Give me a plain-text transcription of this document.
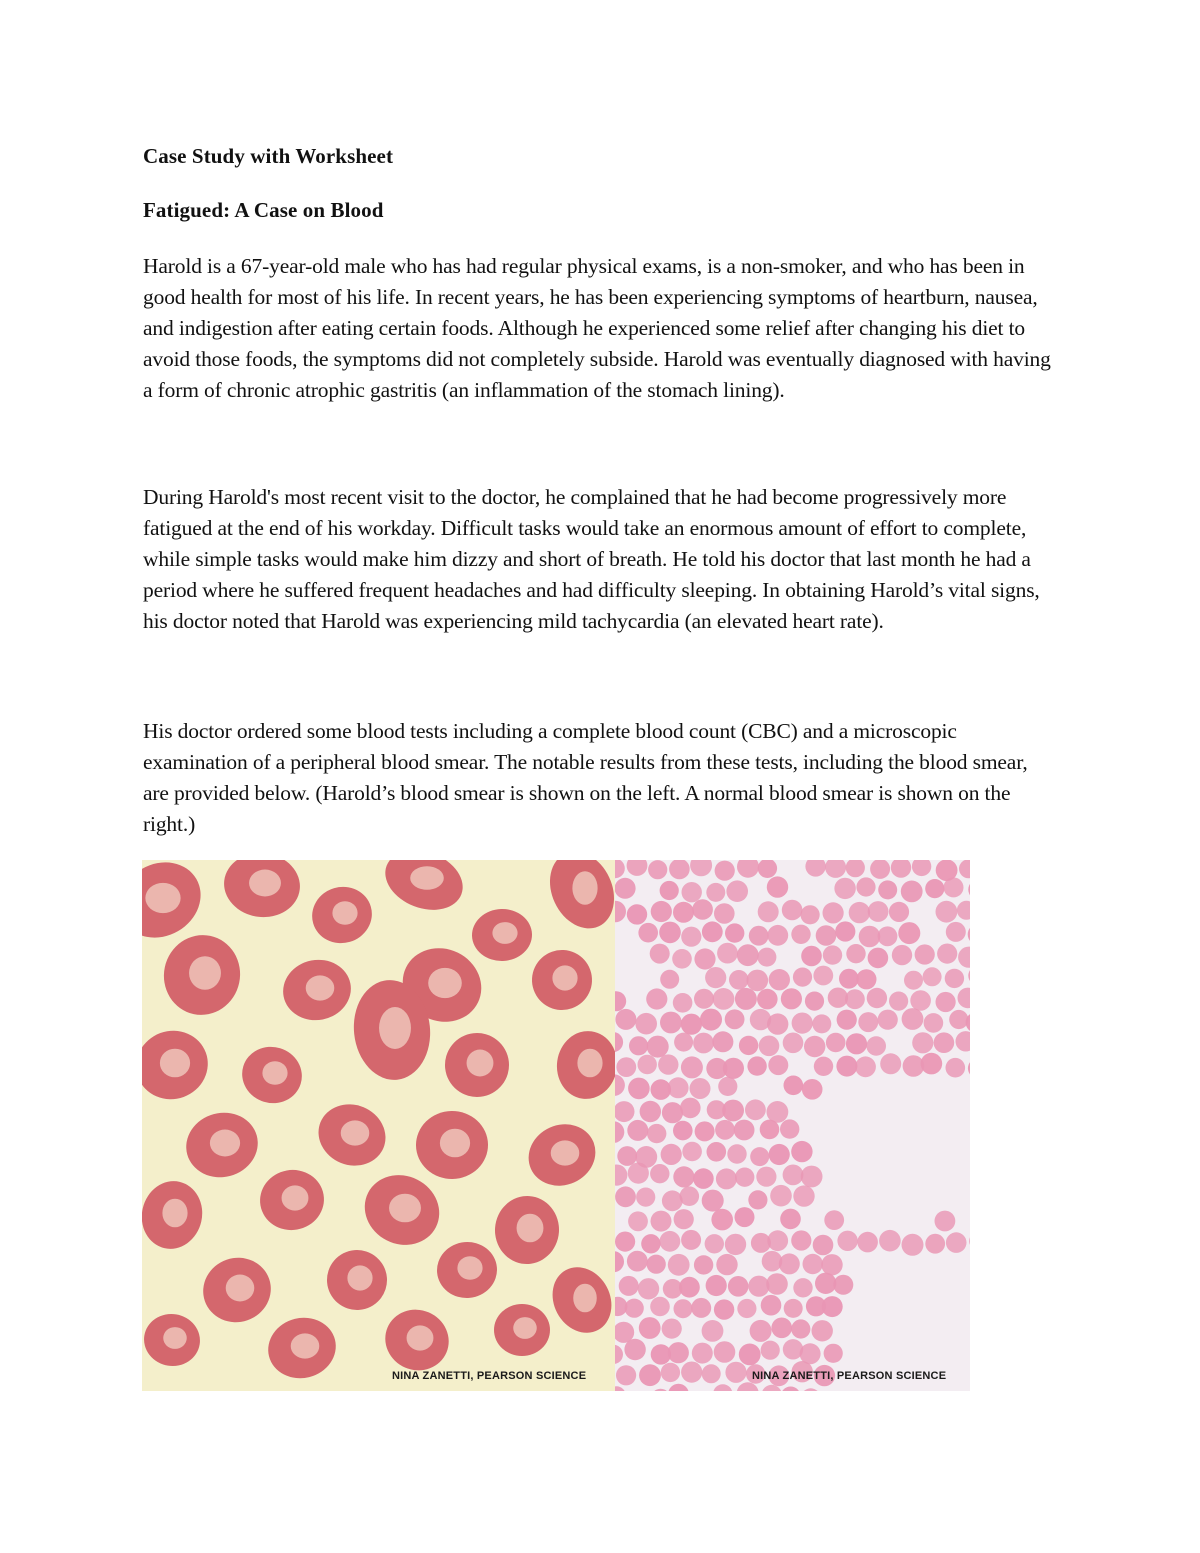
Case Study with Worksheet
Fatigued: A Case on Blood

Harold is a 67-year-old male who has had regular physical exams, is a non-smoker, and who has been in good health for most of his life. In recent years, he has been experiencing symptoms of heartburn, nausea, and indigestion after eating certain foods. Although he experienced some relief after changing his diet to avoid those foods, the symptoms did not completely subside. Harold was eventually diagnosed with having a form of chronic atrophic gastritis (an inflammation of the stomach lining).

During Harold's most recent visit to the doctor, he complained that he had become progressively more fatigued at the end of his workday. Difficult tasks would take an enormous amount of effort to complete, while simple tasks would make him dizzy and short of breath. He told his doctor that last month he had a period where he suffered frequent headaches and had difficulty sleeping. In obtaining Harold’s vital signs, his doctor noted that Harold was experiencing mild tachycardia (an elevated heart rate).

His doctor ordered some blood tests including a complete blood count (CBC) and a microscopic examination of a peripheral blood smear. The notable results from these tests, including the blood smear, are provided below. (Harold’s blood smear is shown on the left. A normal blood smear is shown on the right.)

NINA ZANETTI, PEARSON SCIENCE	NINA ZANETTI, PEARSON SCIENCE
